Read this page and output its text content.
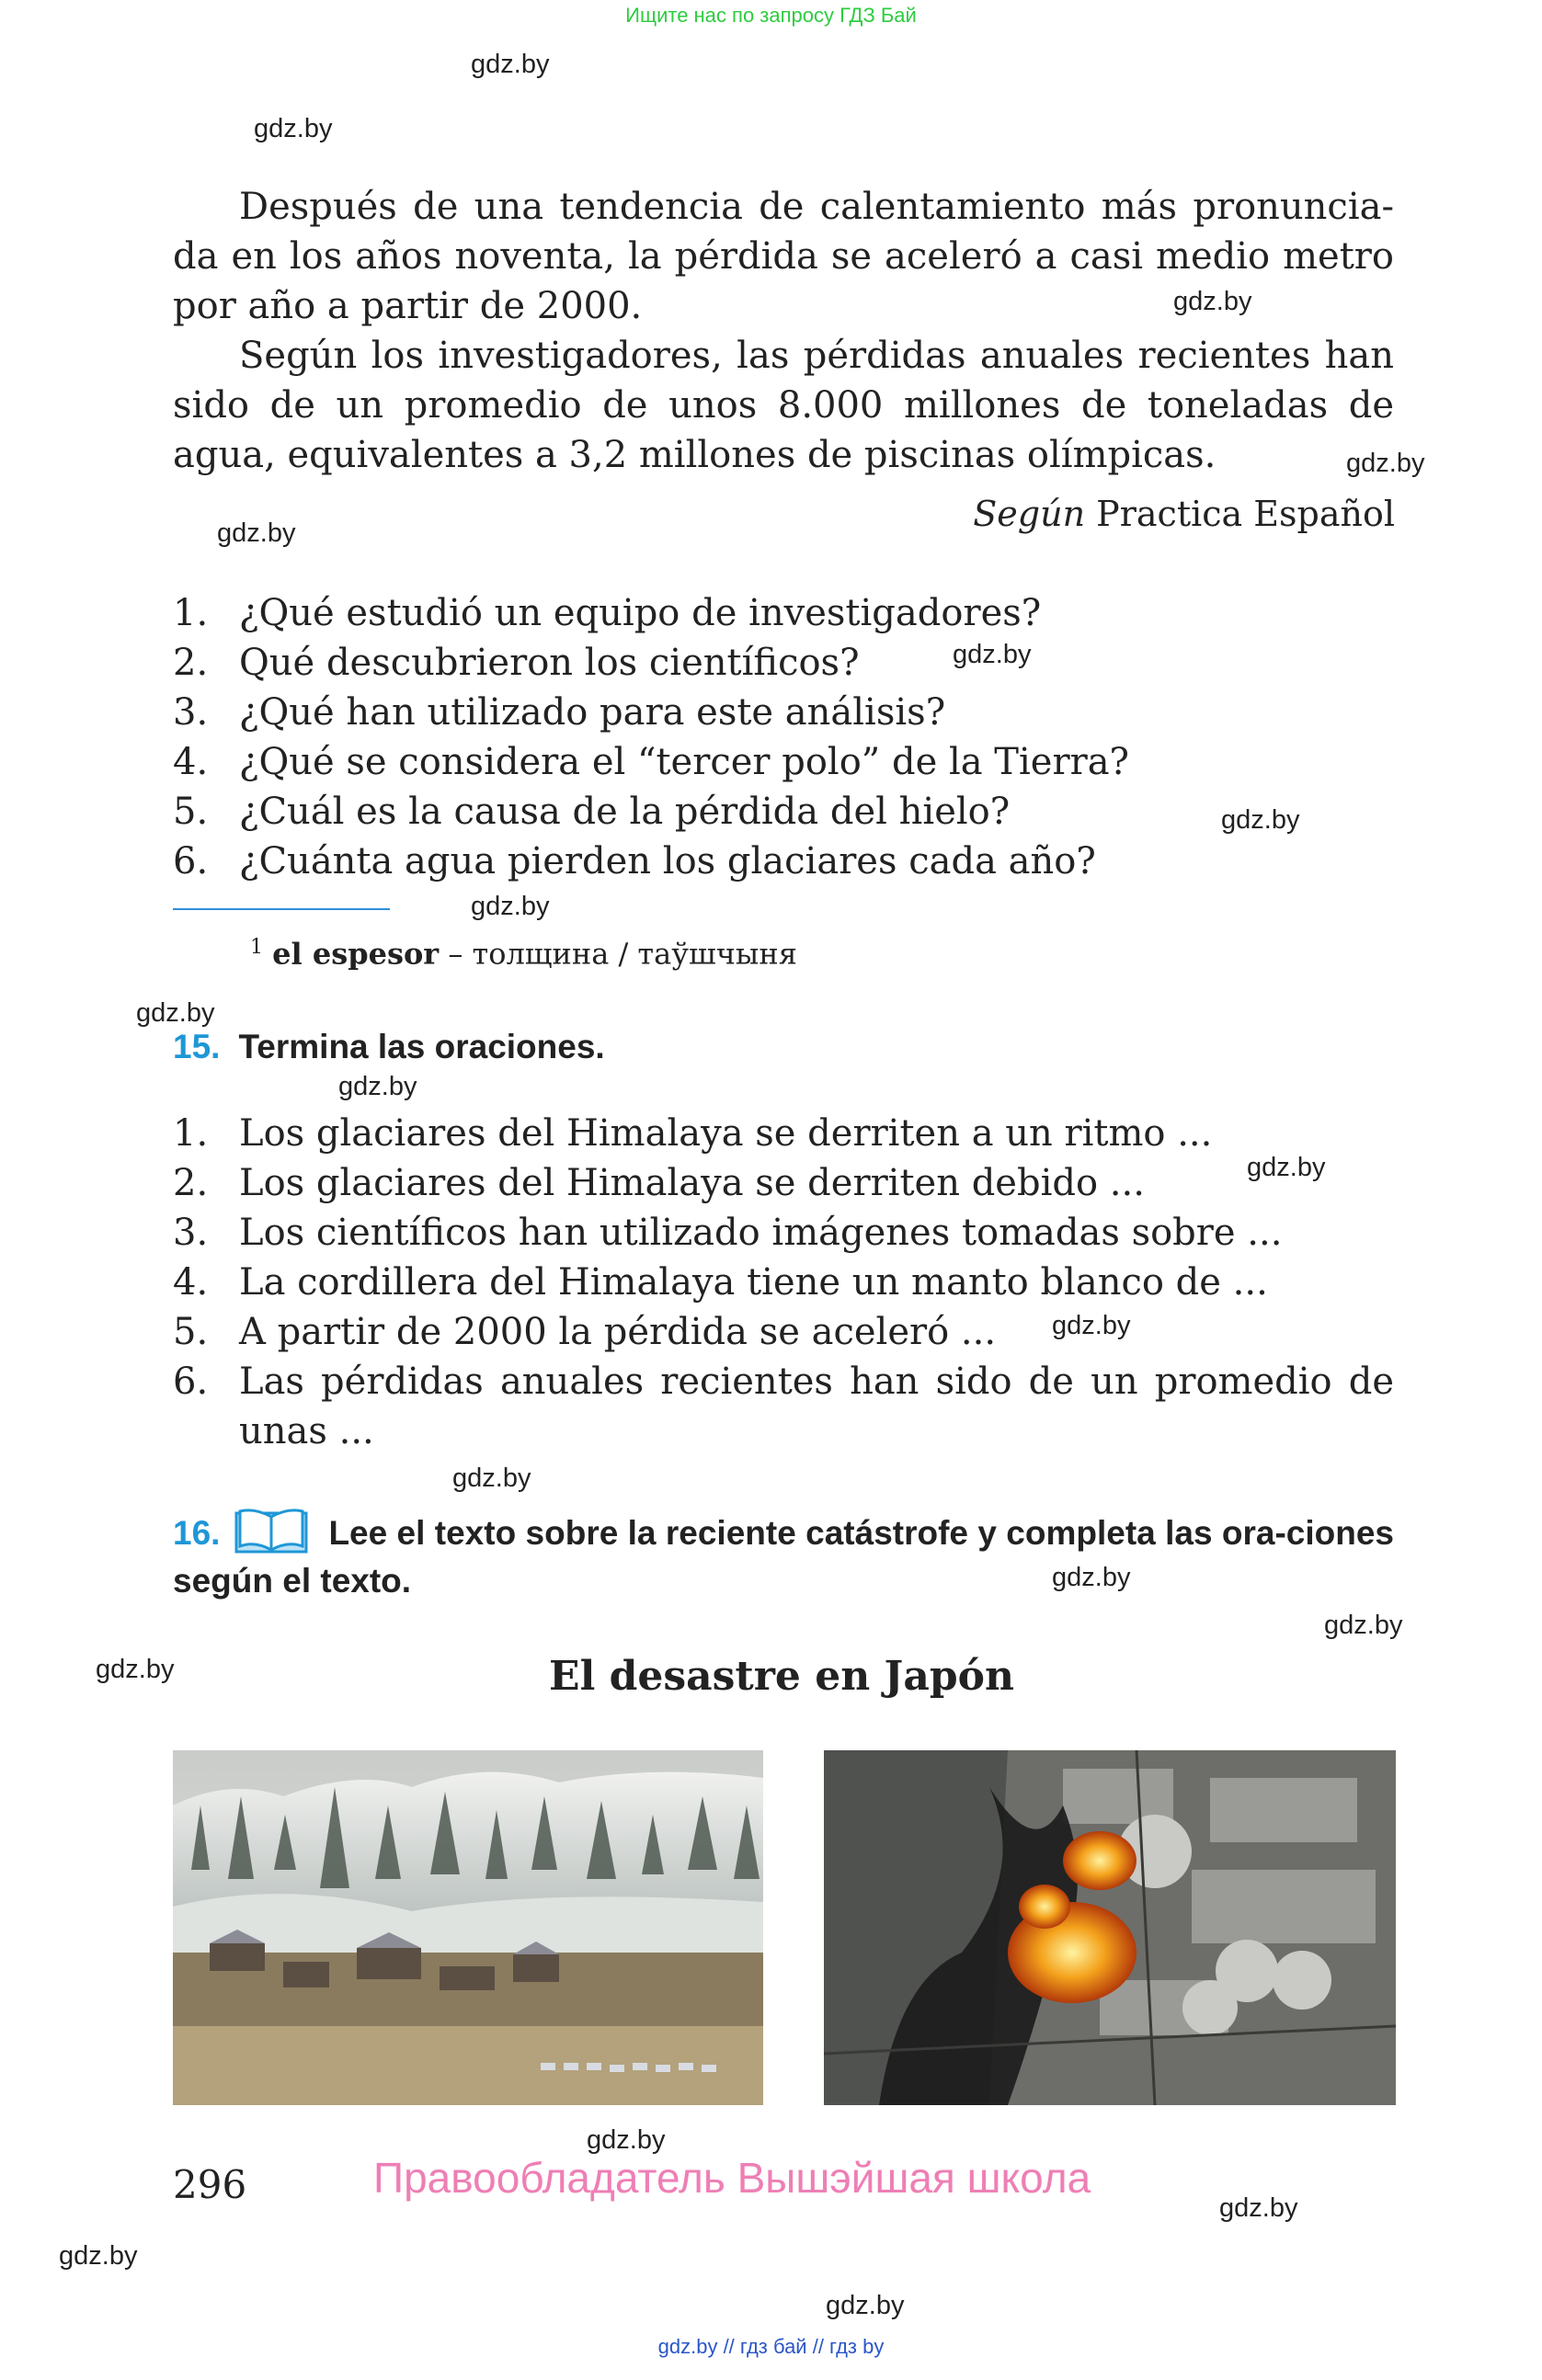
Ищите нас по запросу ГДЗ Бай
gdz.by
gdz.by
gdz.by
gdz.by
gdz.by
gdz.by
gdz.by
gdz.by
gdz.by
gdz.by
gdz.by
gdz.by
gdz.by
gdz.by
gdz.by
gdz.by
gdz.by
gdz.by
gdz.by
gdz.by

Después de una tendencia de calentamiento más pronuncia-da en los años noventa, la pérdida se aceleró a casi medio metro por año a partir de 2000.

Según los investigadores, las pérdidas anuales recientes han sido de un promedio de unos 8.000 millones de toneladas de agua, equivalentes a 3,2 millones de piscinas olímpicas.

Según Practica Español
1. ¿Qué estudió un equipo de investigadores?
2. Qué descubrieron los científicos?
3. ¿Qué han utilizado para este análisis?
4. ¿Qué se considera el “tercer polo” de la Tierra?
5. ¿Cuál es la causa de la pérdida del hielo?
6. ¿Cuánta agua pierden los glaciares cada año?
$^1$ el espesor – толщина / таўшчыня
15. Termina las oraciones.
1. Los glaciares del Himalaya se derriten a un ritmo ...
2. Los glaciares del Himalaya se derriten debido ...
3. Los científicos han utilizado imágenes tomadas sobre ...
4. La cordillera del Himalaya tiene un manto blanco de ...
5. A partir de 2000 la pérdida se aceleró ...
6. Las pérdidas anuales recientes han sido de un promedio de unas ...
16.	Lee el texto sobre la reciente catástrofe y completa las ora-ciones según el texto.
El desastre en Japón
296	Правообладатель Вышэйшая школа
gdz.by // гдз бай // гдз by
